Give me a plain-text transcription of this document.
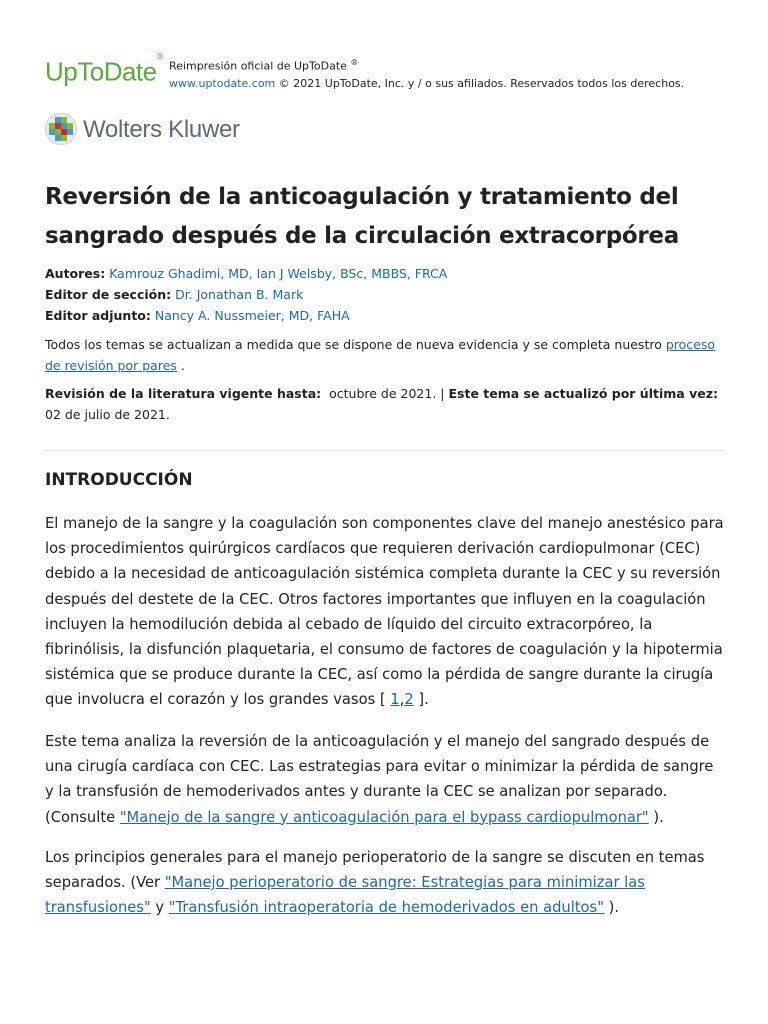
UpToDate®
Reimpresión oficial de UpToDate ®
www.uptodate.com © 2021 UpToDate, Inc. y / o sus afiliados. Reservados todos los derechos.
Wolters Kluwer
Reversión de la anticoagulación y tratamiento del
sangrado después de la circulación extracorpórea
Autores: Kamrouz Ghadimi, MD, Ian J Welsby, BSc, MBBS, FRCA
Editor de sección: Dr. Jonathan B. Mark
Editor adjunto: Nancy A. Nussmeier, MD, FAHA
Todos los temas se actualizan a medida que se dispone de nueva evidencia y se completa nuestro proceso de revisión por pares .
Revisión de la literatura vigente hasta: octubre de 2021. | Este tema se actualizó por última vez:  02 de julio de 2021.
INTRODUCCIÓN

El manejo de la sangre y la coagulación son componentes clave del manejo anestésico para los procedimientos quirúrgicos cardíacos que requieren derivación cardiopulmonar (CEC) debido a la necesidad de anticoagulación sistémica completa durante la CEC y su reversión después del destete de la CEC. Otros factores importantes que influyen en la coagulación incluyen la hemodilución debida al cebado de líquido del circuito extracorpóreo, la fibrinólisis, la disfunción plaquetaria, el consumo de factores de coagulación y la hipotermia sistémica que se produce durante la CEC, así como la pérdida de sangre durante la cirugía que involucra el corazón y los grandes vasos [ 1,2 ].

Este tema analiza la reversión de la anticoagulación y el manejo del sangrado después de una cirugía cardíaca con CEC. Las estrategias para evitar o minimizar la pérdida de sangre y la transfusión de hemoderivados antes y durante la CEC se analizan por separado. (Consulte "Manejo de la sangre y anticoagulación para el bypass cardiopulmonar" ).

Los principios generales para el manejo perioperatorio de la sangre se discuten en temas separados. (Ver "Manejo perioperatorio de sangre: Estrategias para minimizar las transfusiones" y "Transfusión intraoperatoria de hemoderivados en adultos" ).
